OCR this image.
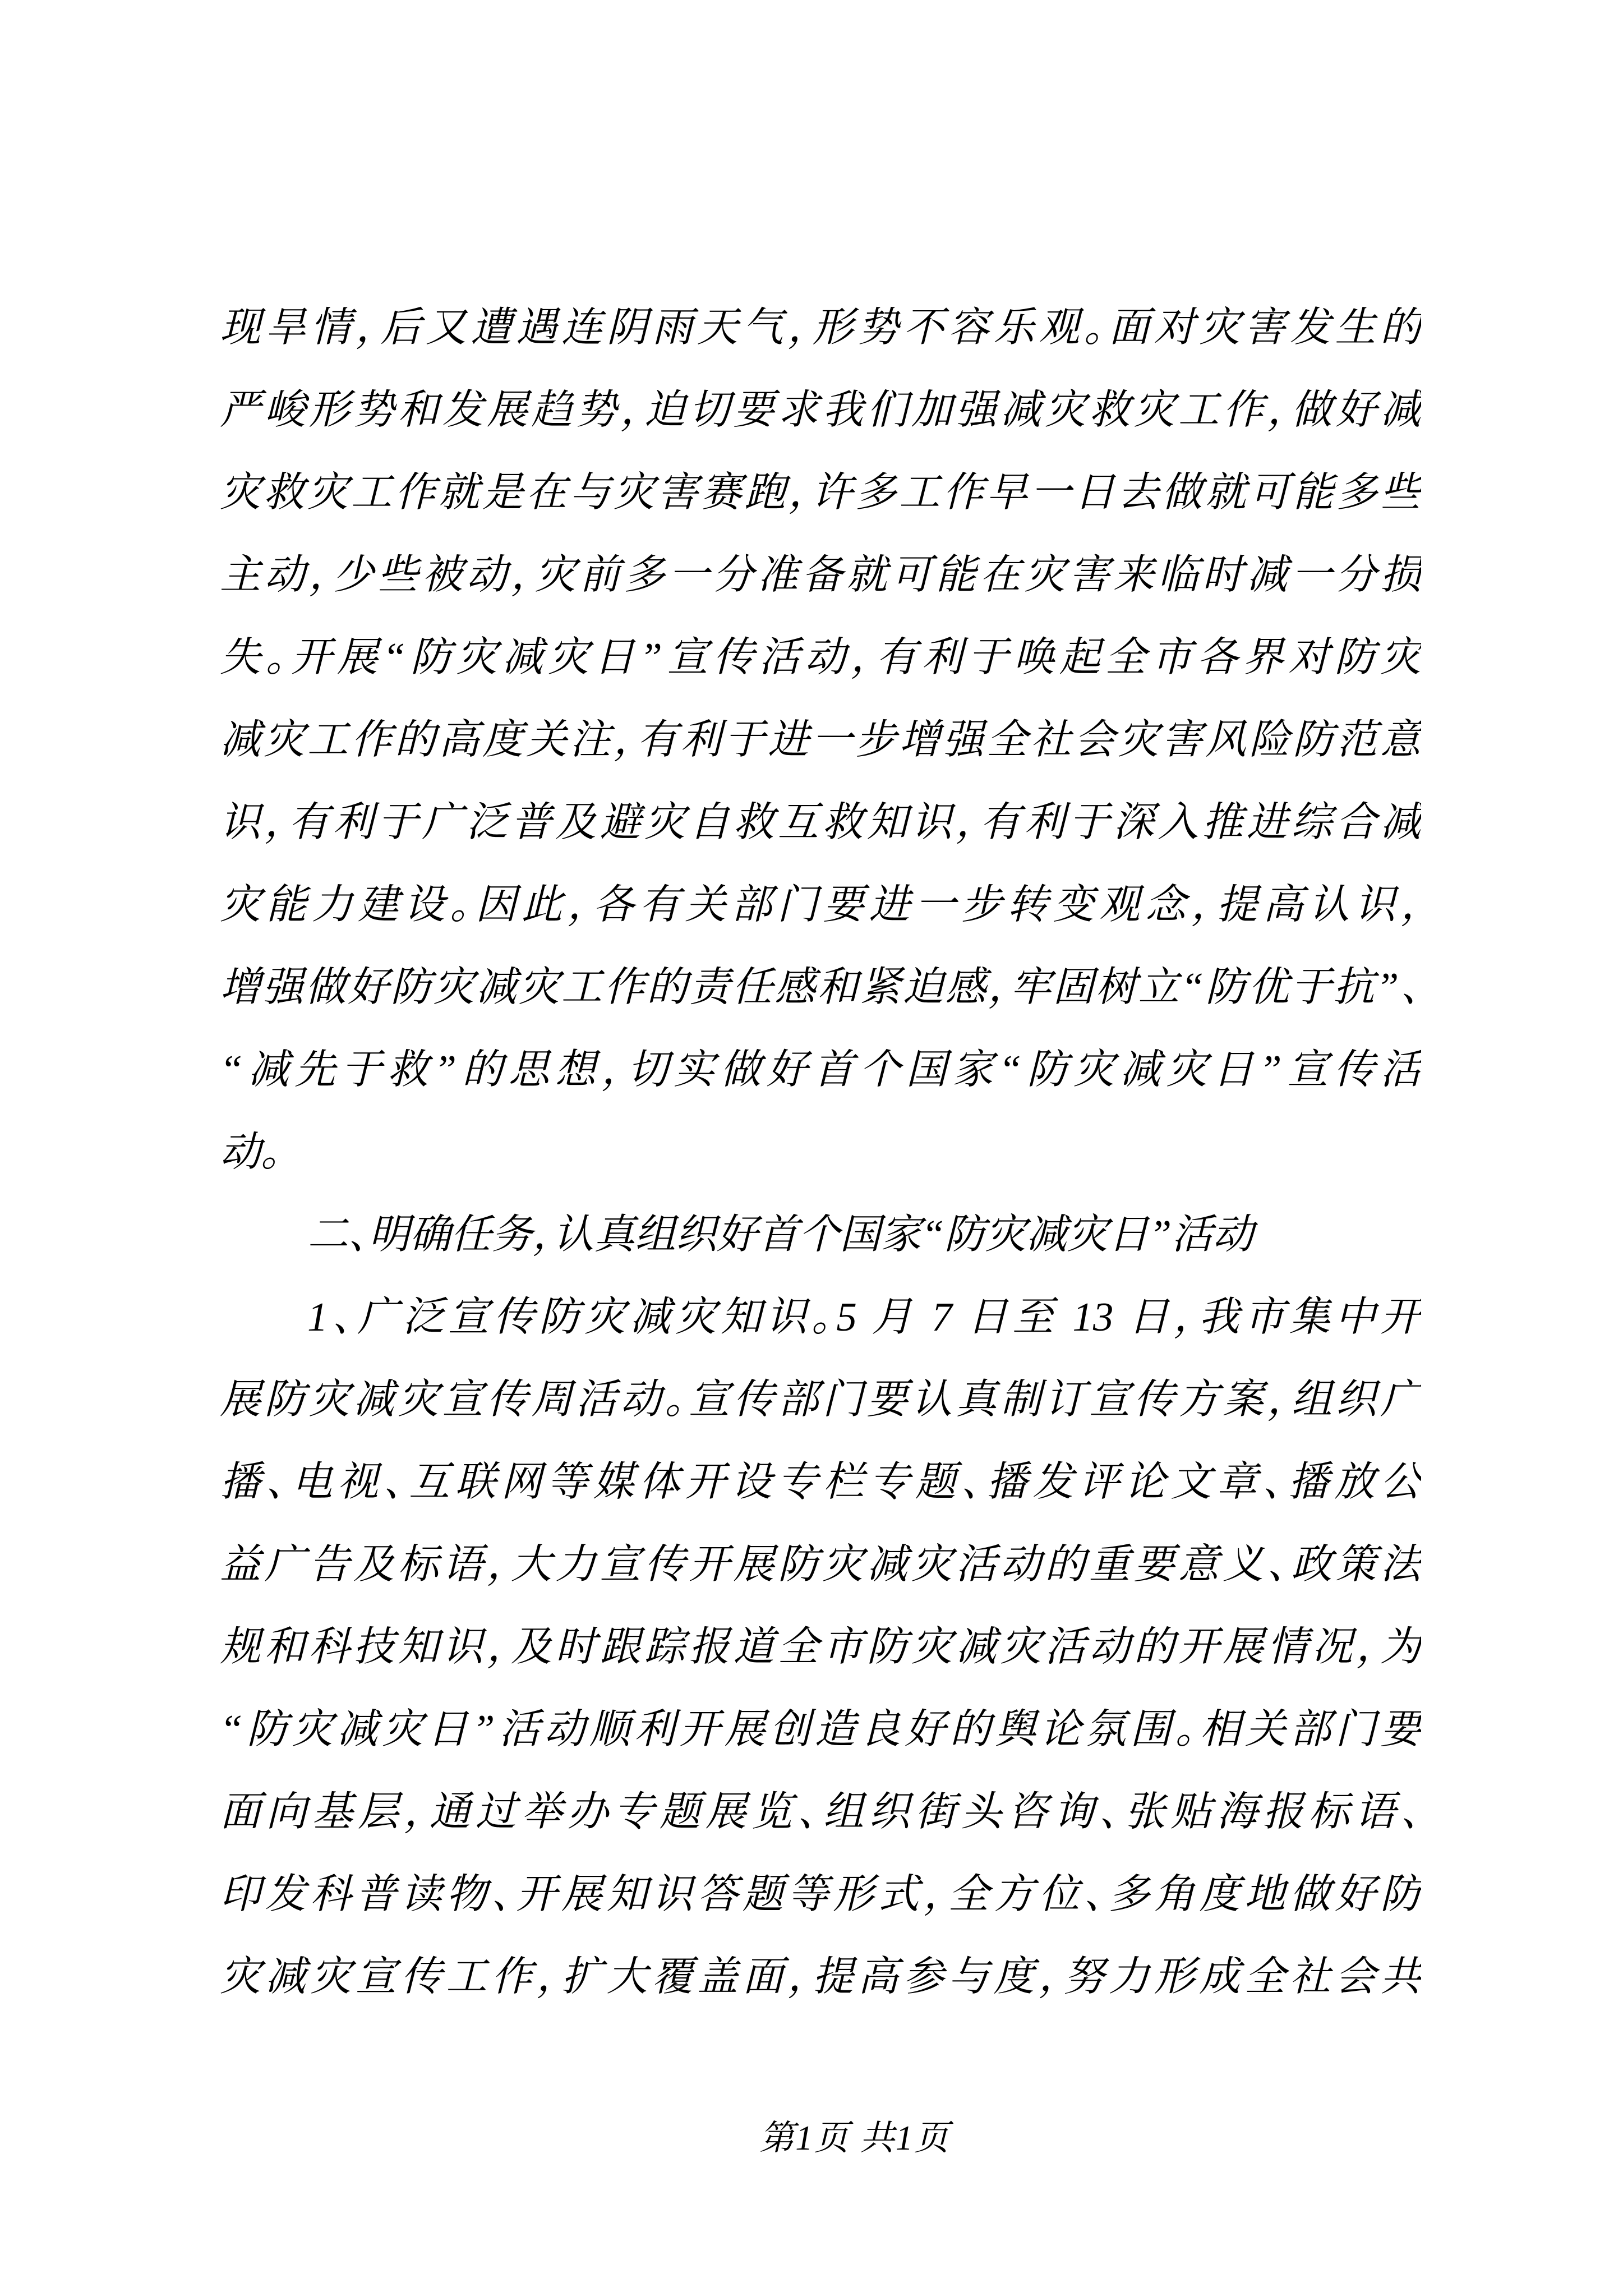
现旱情，后又遭遇连阴雨天气，形势不容乐观。面对灾害发生的
严峻形势和发展趋势，迫切要求我们加强减灾救灾工作，做好减
灾救灾工作就是在与灾害赛跑，许多工作早一日去做就可能多些
主动，少些被动，灾前多一分准备就可能在灾害来临时减一分损
失。开展“防灾减灾日”宣传活动，有利于唤起全市各界对防灾
减灾工作的高度关注，有利于进一步增强全社会灾害风险防范意
识，有利于广泛普及避灾自救互救知识，有利于深入推进综合减
灾能力建设。因此，各有关部门要进一步转变观念，提高认识，
增强做好防灾减灾工作的责任感和紧迫感，牢固树立“防优于抗”、
“减先于救”的思想，切实做好首个国家“防灾减灾日”宣传活
动。
二、明确任务，认真组织好首个国家“防灾减灾日”活动
1、广泛宣传防灾减灾知识。5 月 7 日至 13 日，我市集中开
展防灾减灾宣传周活动。宣传部门要认真制订宣传方案，组织广
播、电视、互联网等媒体开设专栏专题、播发评论文章、播放公
益广告及标语，大力宣传开展防灾减灾活动的重要意义、政策法
规和科技知识，及时跟踪报道全市防灾减灾活动的开展情况，为
“防灾减灾日”活动顺利开展创造良好的舆论氛围。相关部门要
面向基层，通过举办专题展览、组织街头咨询、张贴海报标语、
印发科普读物、开展知识答题等形式，全方位、多角度地做好防
灾减灾宣传工作，扩大覆盖面，提高参与度，努力形成全社会共
第1页 共1页
